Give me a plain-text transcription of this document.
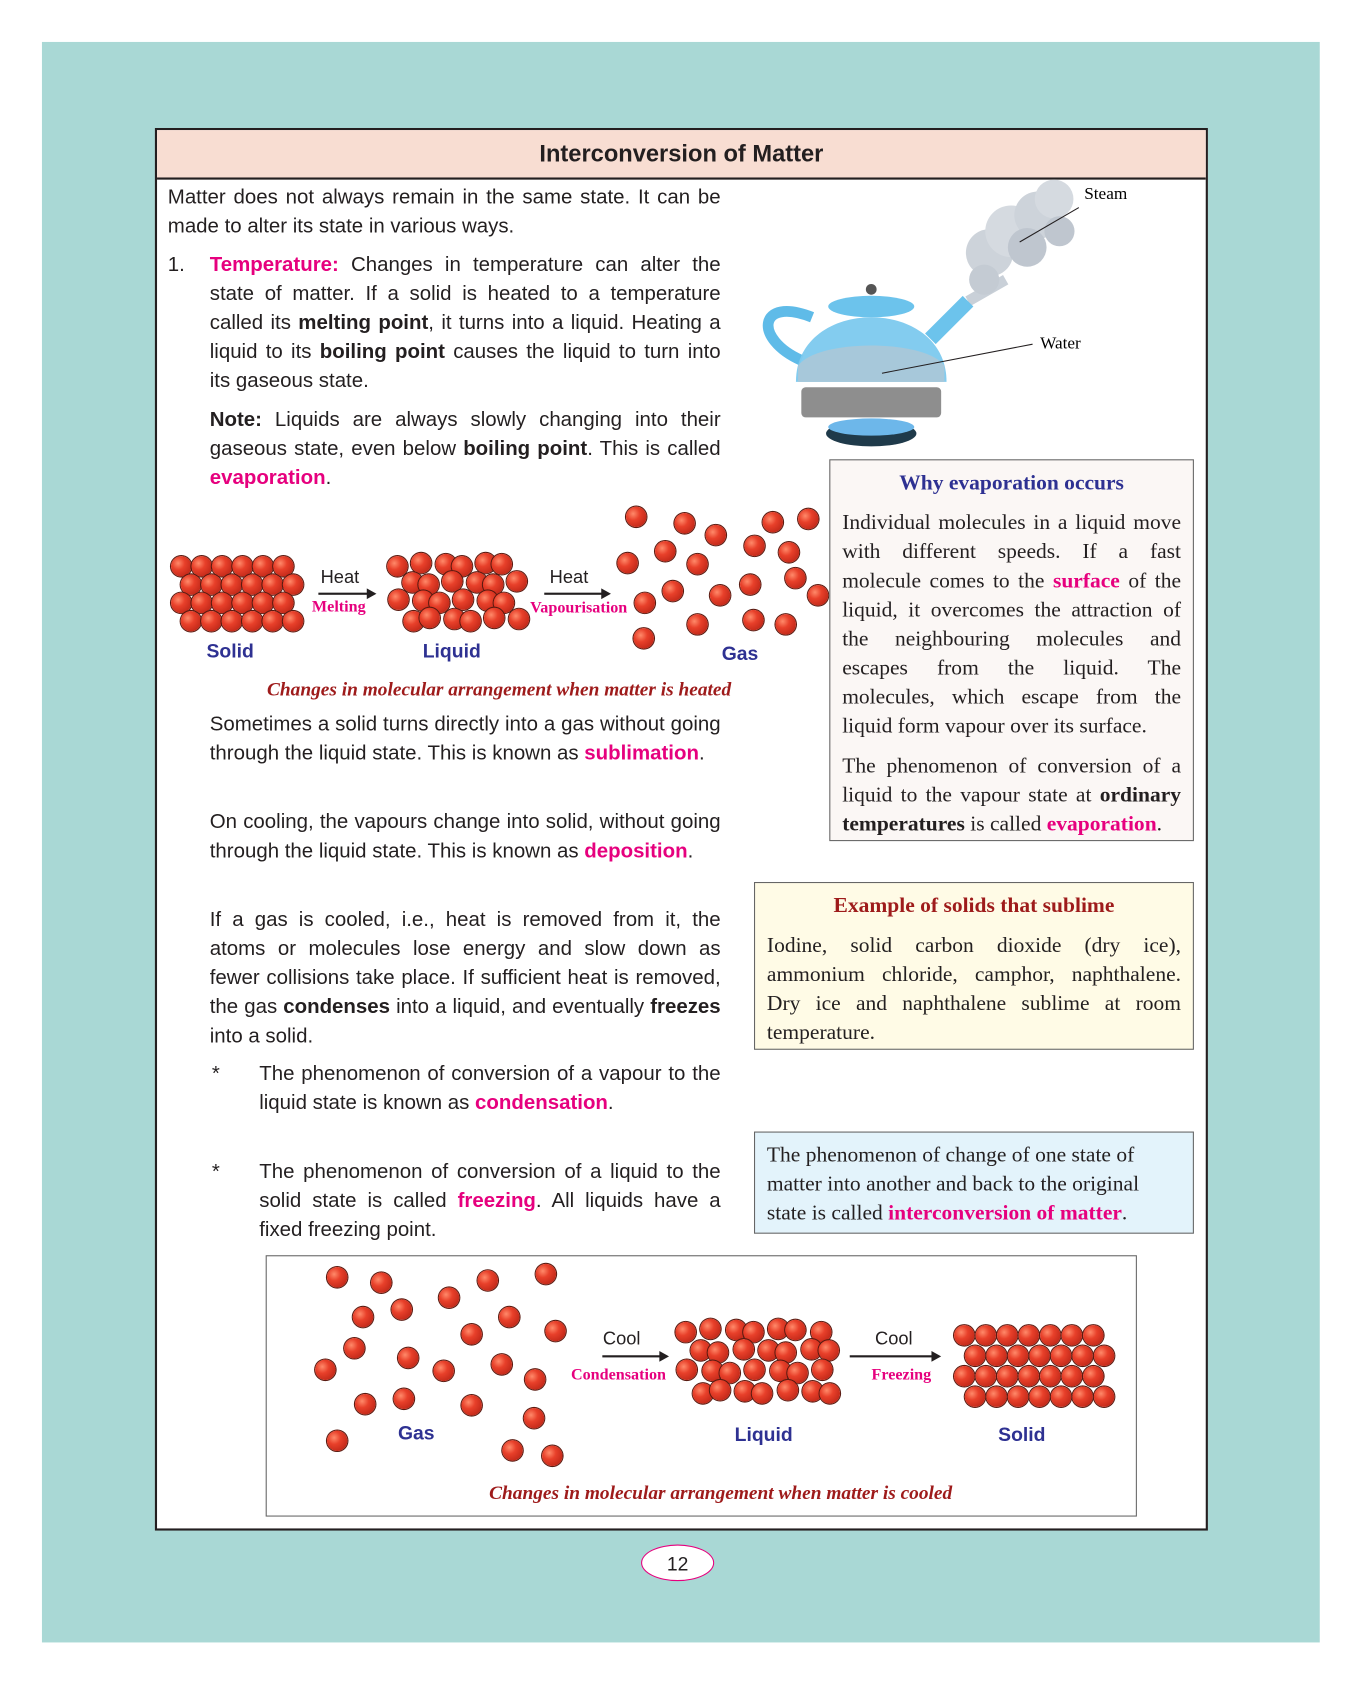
Interconversion of Matter

Matter does not always remain in the same state. It can be made to alter its state in various ways.

1. Temperature: Changes in temperature can alter the state of matter. If a solid is heated to a temperature called its melting point, it turns into a liquid. Heating a liquid to its boiling point causes the liquid to turn into its gaseous state.

Note: Liquids are always slowly changing into their gaseous state, even below boiling point. This is called evaporation.

Sometimes a solid turns directly into a gas without going through the liquid state. This is known as sublimation.

On cooling, the vapours change into solid, without going through the liquid state. This is known as deposition.

If a gas is cooled, i.e., heat is removed from it, the atoms or molecules lose energy and slow down as fewer collisions take place. If sufficient heat is removed, the gas condenses into a liquid, and eventually freezes into a solid.

* The phenomenon of conversion of a vapour to the liquid state is known as condensation.

* The phenomenon of conversion of a liquid to the solid state is called freezing. All liquids have a fixed freezing point.

Steam
Water
Heat
Melting
Heat
Vapourisation
Solid	Liquid	Gas
Changes in molecular arrangement when matter is heated
Why evaporation occurs

Individual molecules in a liquid move with different speeds. If a fast molecule comes to the surface of the liquid, it overcomes the attraction of the neighbouring molecules and escapes from the liquid. The molecules, which escape from the liquid form vapour over its surface.

The phenomenon of conversion of a liquid to the vapour state at ordinary temperatures is called evaporation.

Example of solids that sublime

Iodine, solid carbon dioxide (dry ice), ammonium chloride, camphor, naphthalene. Dry ice and naphthalene sublime at room temperature.

The phenomenon of change of one state of matter into another and back to the original state is called interconversion of matter.

Cool
Condensation
Cool
Freezing
Gas	Liquid	Solid
Changes in molecular arrangement when matter is cooled
12
